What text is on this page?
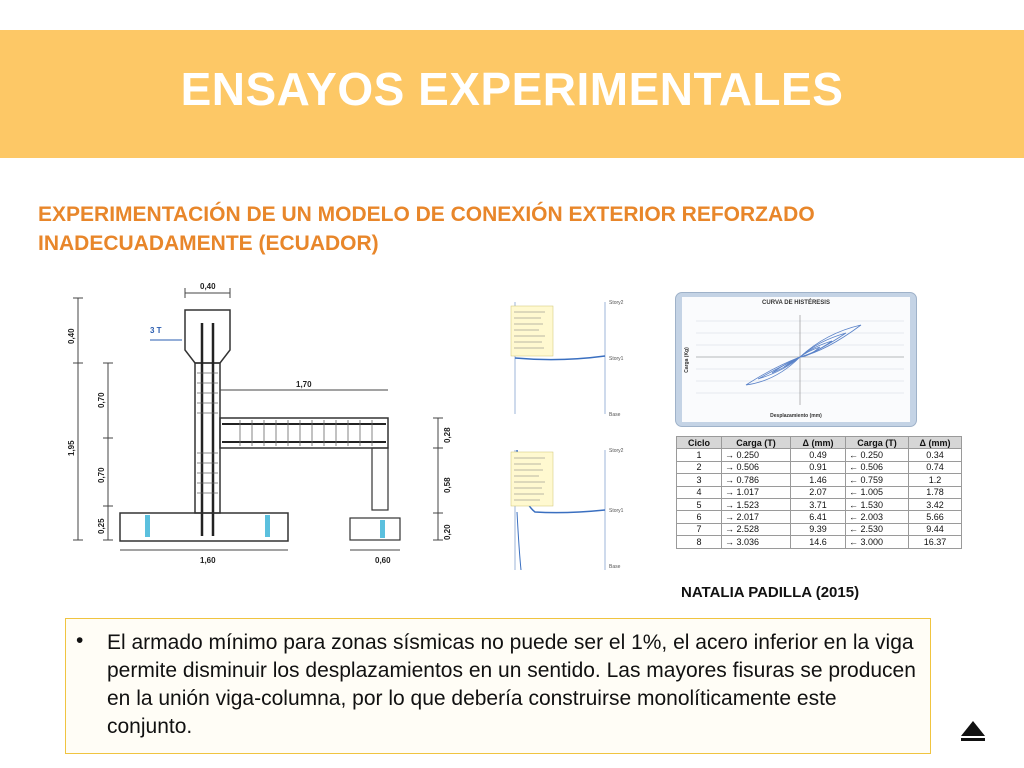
ENSAYOS EXPERIMENTALES
EXPERIMENTACIÓN DE UN MODELO DE CONEXIÓN EXTERIOR REFORZADO INADECUADAMENTE (ECUADOR)
0,40
3 T
1,70
1,95
0,40
0,70
0,70
0,25
1,60	0,60
0,28
0,58
0,20
Story2
Story1
Base
Story2
Story1
Base
CURVA DE HISTÉRESIS
Carga (Kg)
Desplazamiento (mm)
Ciclo	Carga (T)	Δ (mm)	Carga (T)	Δ (mm)
1	→ 0.250	0.49	← 0.250	0.34
2	→ 0.506	0.91	← 0.506	0.74
3	→ 0.786	1.46	← 0.759	1.2
4	→ 1.017	2.07	← 1.005	1.78
5	→ 1.523	3.71	← 1.530	3.42
6	→ 2.017	6.41	← 2.003	5.66
7	→ 2.528	9.39	← 2.530	9.44
8	→ 3.036	14.6	← 3.000	16.37
NATALIA PADILLA (2015)
• El armado mínimo para zonas sísmicas no puede ser el 1%, el acero inferior en la viga permite disminuir los desplazamientos en un sentido. Las mayores fisuras se producen en la unión viga-columna, por lo que debería construirse monolíticamente este conjunto.
